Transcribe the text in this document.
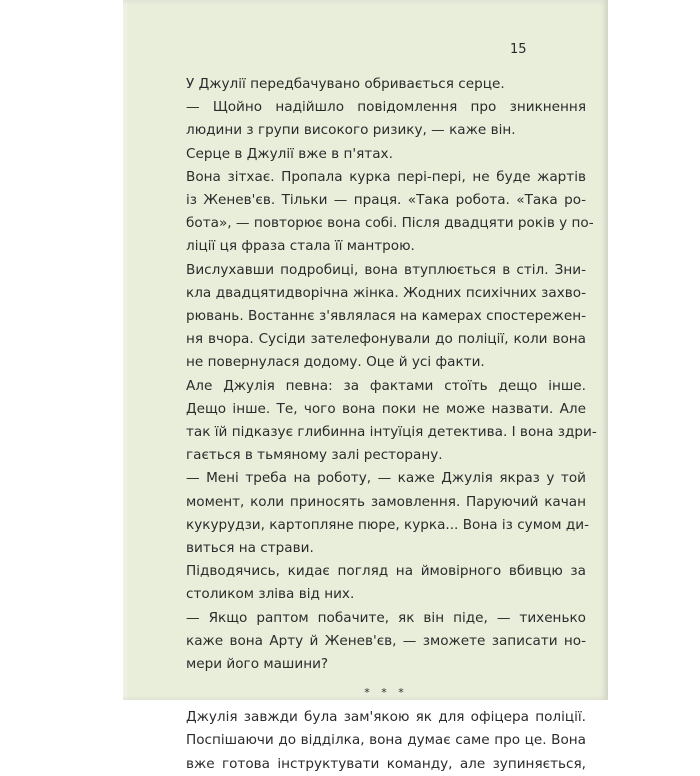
15
У Джулії передбачувано обривається серце.
— Щойно надійшло повідомлення про зникнення
людини з групи високого ризику, — каже він.
Серце в Джулії вже в п'ятах.
Вона зітхає. Пропала курка пері-пері, не буде жартів
із Женев'єв. Тільки — праця. «Така робота. «Така ро-
бота», — повторює вона собі. Після двадцяти років у по-
ліції ця фраза стала її мантрою.
Вислухавши подробиці, вона втуплюється в стіл. Зни-
кла двадцятидворічна жінка. Жодних психічних захво-
рювань. Востаннє з'являлася на камерах спостережен-
ня вчора. Сусіди зателефонували до поліції, коли вона
не повернулася додому. Оце й усі факти.
Але Джулія певна: за фактами стоїть дещо інше.
Дещо інше. Те, чого вона поки не може назвати. Але
так їй підказує глибинна інтуїція детектива. І вона здри-
гається в тьмяному залі ресторану.
— Мені треба на роботу, — каже Джулія якраз у той
момент, коли приносять замовлення. Паруючий качан
кукурудзи, картопляне пюре, курка... Вона із сумом ди-
виться на страви.
Підводячись, кидає погляд на ймовірного вбивцю за
столиком зліва від них.
— Якщо раптом побачите, як він піде, — тихенько
каже вона Арту й Женев'єв, — зможете записати но-
мери його машини?
* * *
Джулія завжди була зам'якою як для офіцера поліції.
Поспішаючи до відділка, вона думає саме про це. Вона
вже готова інструктувати команду, але зупиняється,
